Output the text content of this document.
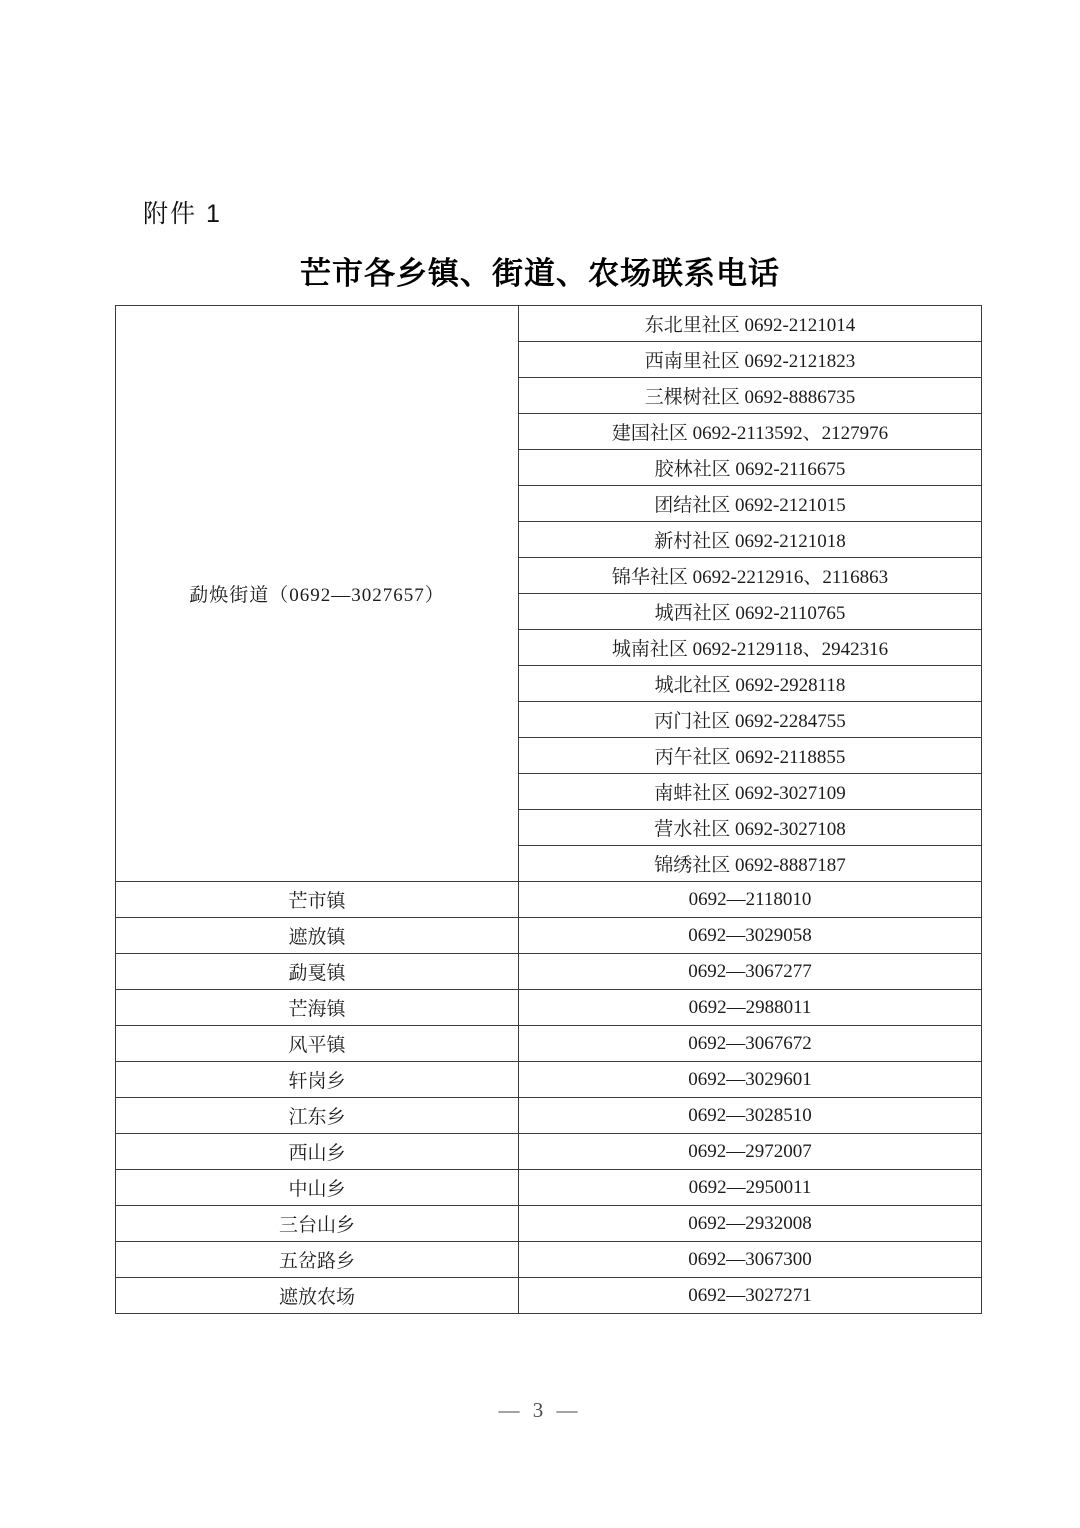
附件 1
芒市各乡镇、街道、农场联系电话
勐焕街道（0692—3027657）	东北里社区 0692-2121014
	西南里社区 0692-2121823
	三棵树社区 0692-8886735
	建国社区 0692-2113592、2127976
	胶林社区 0692-2116675
	团结社区 0692-2121015
	新村社区 0692-2121018
	锦华社区 0692-2212916、2116863
	城西社区 0692-2110765
	城南社区 0692-2129118、2942316
	城北社区 0692-2928118
	丙门社区 0692-2284755
	丙午社区 0692-2118855
	南蚌社区 0692-3027109
	营水社区 0692-3027108
	锦绣社区 0692-8887187
芒市镇	0692—2118010
遮放镇	0692—3029058
勐戛镇	0692—3067277
芒海镇	0692—2988011
风平镇	0692—3067672
轩岗乡	0692—3029601
江东乡	0692—3028510
西山乡	0692—2972007
中山乡	0692—2950011
三台山乡	0692—2932008
五岔路乡	0692—3067300
遮放农场	0692—3027271
— 3 —
